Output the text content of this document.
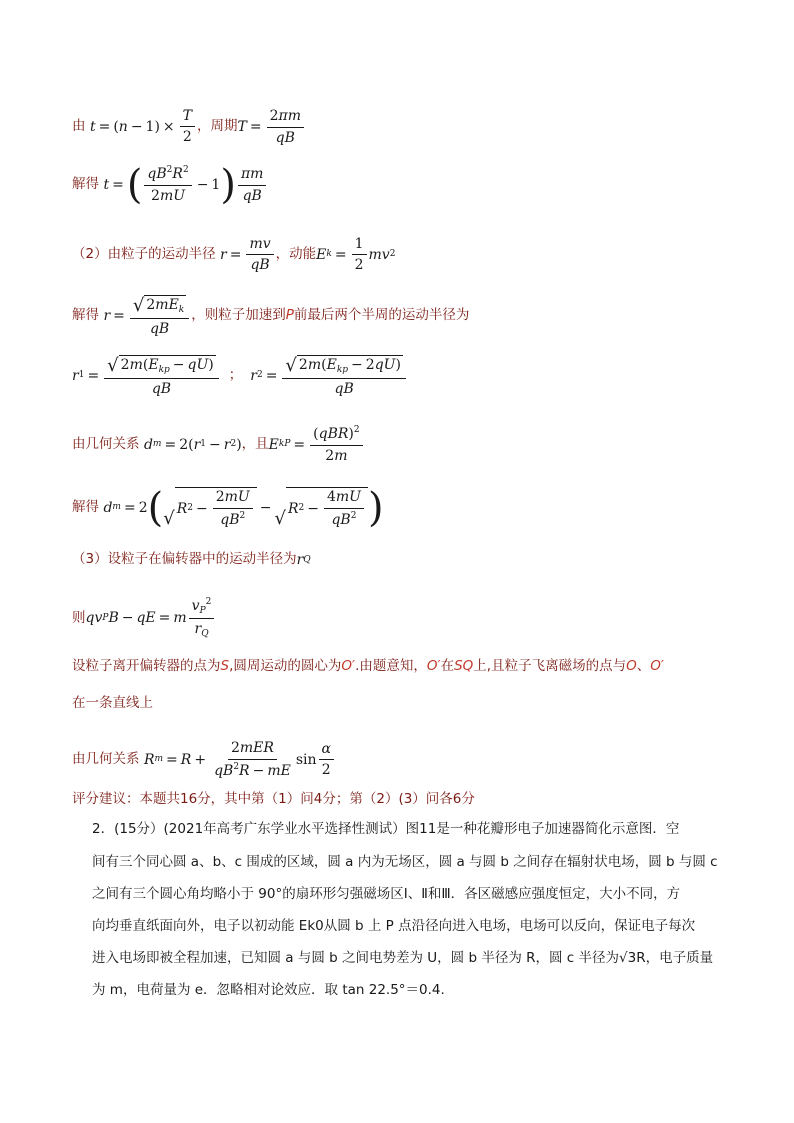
由 t = ( $n - 1) \times \frac{T}{2}$ ，周期 $T = \frac{2\pi m}{qB}$
解得 t = ( $\frac{qB^2R^2}{2mU} - 1$ ) $\frac{\pi m}{qB}$
（2）由粒子的运动半径 $r = \frac{mv}{qB}$ ，动能 E $k = \frac{1}{2}$ mv 2
解得 $r = \frac{√ 2mE_k}{qB}$ ，则粒子加速到 P 前最后两个半周的运动半径为
r $1 = \frac{√ 2m(E_{kp} - qU)}{qB}$ ； r $2 = \frac{√ 2m(E_{kp} - 2qU)}{qB}$
由几何关系 d m = 2( r 1 − r 2 ) ，且 E kP = $\frac{(qBR)^2}{2m}$
解得 d m = 2 ( √ R $2 - \frac{2mU}{qB^2}$ −
√ R $2 - \frac{4mU}{qB^2}$ )
（3）设粒子在偏转器中的运动半径为 r Q
则 qv P B − qE = m $\frac{v_P^2}{r_Q}$
设粒子离开偏转器的点为 S ,圆周运动的圆心为 O′ .由题意知， O′ 在 SQ 上,且粒子飞离磁场的点与 O 、 O′
在一条直线上
由几何关系 R $m = R + \frac{\text{2mER}}{qB^2R - mE}$ $\sin \frac{\alpha}{2}$
评分建议：本题共16分，其中第（1）问4分；第（2）(3）问各6分
2．(15分）(2021年高考广东学业水平选择性测试）图11是一种花瓣形电子加速器简化示意图．空
间有三个同心圆 a、b、c 围成的区域，圆 a 内为无场区，圆 a 与圆 b 之间存在辐射状电场，圆 b 与圆 c
之间有三个圆心角均略小于 90°的扇环形匀强磁场区Ⅰ、Ⅱ和Ⅲ．各区磁感应强度恒定，大小不同，方
向均垂直纸面向外，电子以初动能 Ek0从圆 b 上 P 点沿径向进入电场，电场可以反向，保证电子每次
进入电场即被全程加速，已知圆 a 与圆 b 之间电势差为 U，圆 b 半径为 R，圆 c 半径为√3R，电子质量
为 m，电荷量为 e．忽略相对论效应．取 tan 22.5°＝0.4.
